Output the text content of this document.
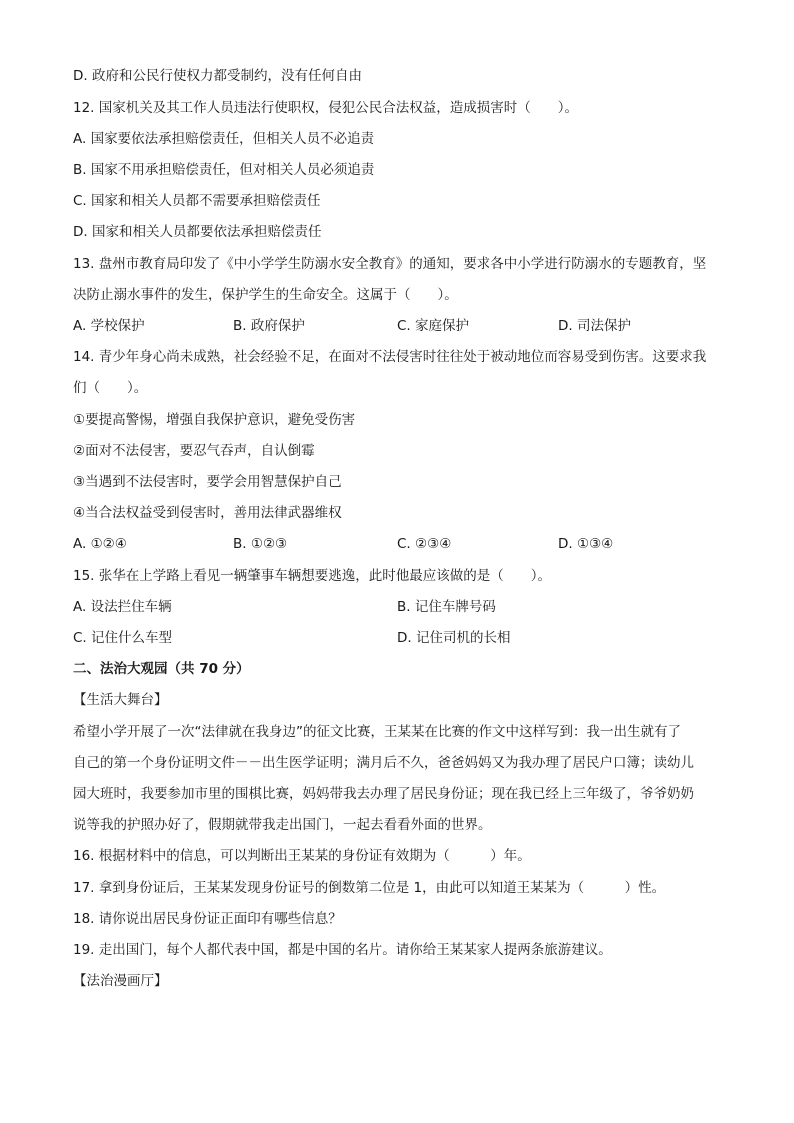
D. 政府和公民行使权力都受制约，没有任何自由
12. 国家机关及其工作人员违法行使职权，侵犯公民合法权益，造成损害时（　　）。
A. 国家要依法承担赔偿责任，但相关人员不必追责
B. 国家不用承担赔偿责任，但对相关人员必须追责
C. 国家和相关人员都不需要承担赔偿责任
D. 国家和相关人员都要依法承担赔偿责任
13. 盘州市教育局印发了《中小学学生防溺水安全教育》的通知，要求各中小学进行防溺水的专题教育，坚
决防止溺水事件的发生，保护学生的生命安全。这属于（　　）。
A. 学校保护	B. 政府保护	C. 家庭保护	D. 司法保护
14. 青少年身心尚未成熟，社会经验不足，在面对不法侵害时往往处于被动地位而容易受到伤害。这要求我
们（　　）。
①要提高警惕，增强自我保护意识，避免受伤害
②面对不法侵害，要忍气吞声，自认倒霉
③当遇到不法侵害时，要学会用智慧保护自己
④当合法权益受到侵害时，善用法律武器维权
A. ①②④	B. ①②③	C. ②③④	D. ①③④
15. 张华在上学路上看见一辆肇事车辆想要逃逸，此时他最应该做的是（　　）。
A. 设法拦住车辆	B. 记住车牌号码
C. 记住什么车型	D. 记住司机的长相
二、法治大观园（共 70 分）
【生活大舞台】
希望小学开展了一次“法律就在我身边”的征文比赛，王某某在比赛的作文中这样写到：我一出生就有了
自己的第一个身份证明文件－－出生医学证明；满月后不久，爸爸妈妈又为我办理了居民户口簿；读幼儿
园大班时，我要参加市里的围棋比赛，妈妈带我去办理了居民身份证；现在我已经上三年级了，爷爷奶奶
说等我的护照办好了，假期就带我走出国门，一起去看看外面的世界。
16. 根据材料中的信息，可以判断出王某某的身份证有效期为（　　　）年。
17. 拿到身份证后，王某某发现身份证号的倒数第二位是 1，由此可以知道王某某为（　　　）性。
18. 请你说出居民身份证正面印有哪些信息？
19. 走出国门，每个人都代表中国，都是中国的名片。请你给王某某家人提两条旅游建议。
【法治漫画厅】
